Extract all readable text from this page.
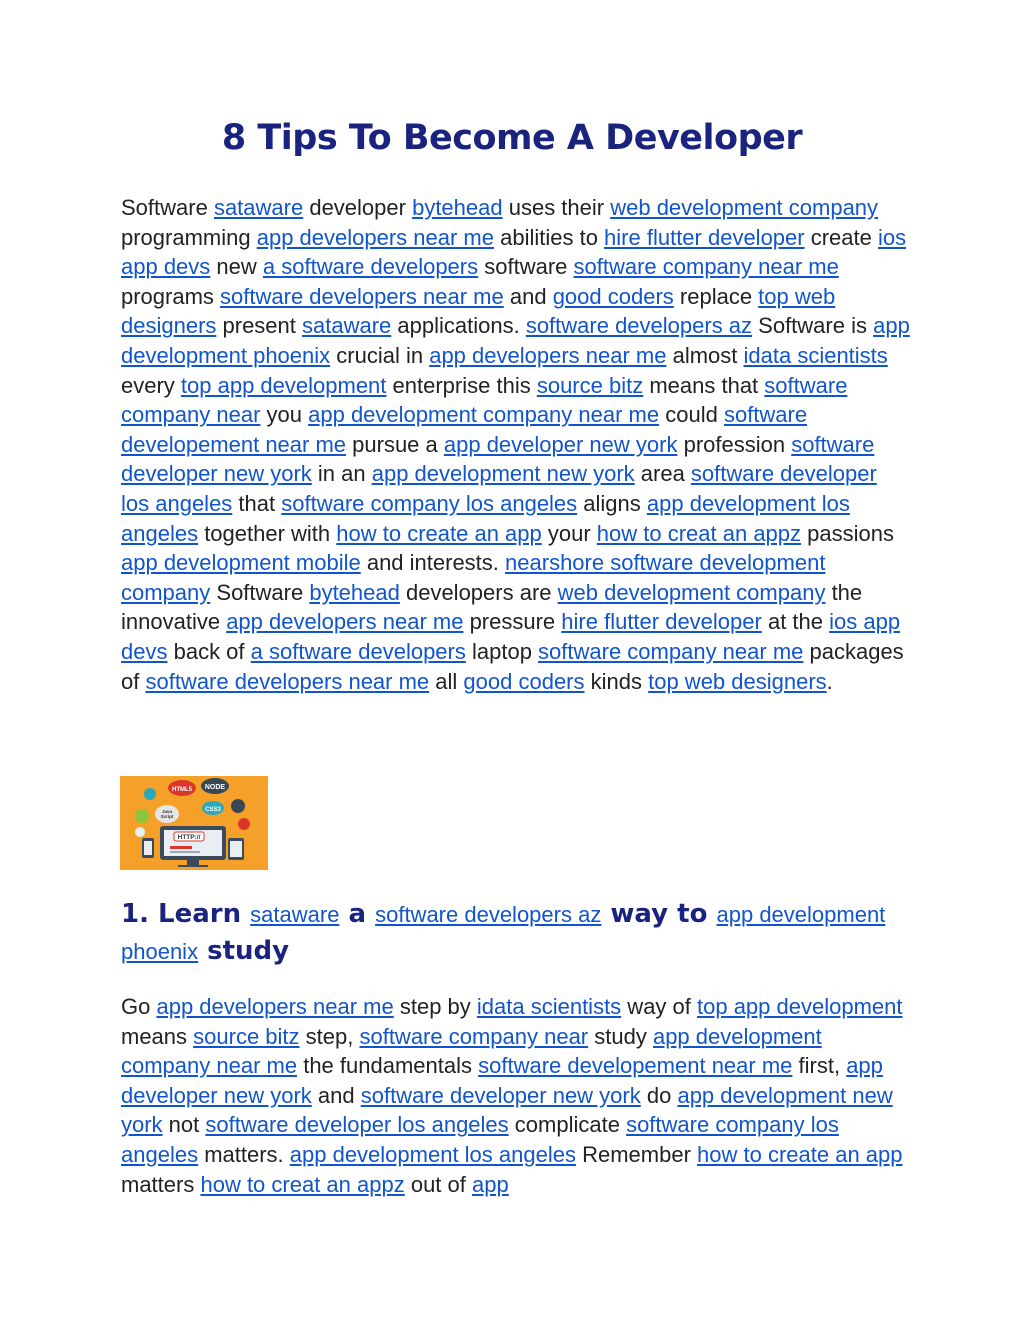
8 Tips To Become A Developer

Software sataware developer bytehead uses their web development company programming app developers near me abilities to hire flutter developer create ios app devs new a software developers software software company near me programs software developers near me and good coders replace top web designers present sataware applications. software developers az Software is app development phoenix crucial in app developers near me almost idata scientists every top app development enterprise this source bitz means that software company near you app development company near me could software developement near me pursue a app developer new york profession software developer new york in an app development new york area software developer los angeles that software company los angeles aligns app development los angeles together with how to create an app your how to creat an appz passions app development mobile and interests. nearshore software development company Software bytehead developers are web development company the innovative app developers near me pressure hire flutter developer at the ios app devs back of a software developers laptop software company near me packages of software developers near me all good coders kinds top web designers.

HTML5 NODE
Java
Script
CSS3
HTTP://
1. Learn sataware a software developers az way to app development phoenix study

Go app developers near me step by idata scientists way of top app development means source bitz step, software company near study app development company near me the fundamentals software developement near me first, app developer new york and software developer new york do app development new york not software developer los angeles complicate software company los angeles matters. app development los angeles Remember how to create an app matters how to creat an appz out of app
